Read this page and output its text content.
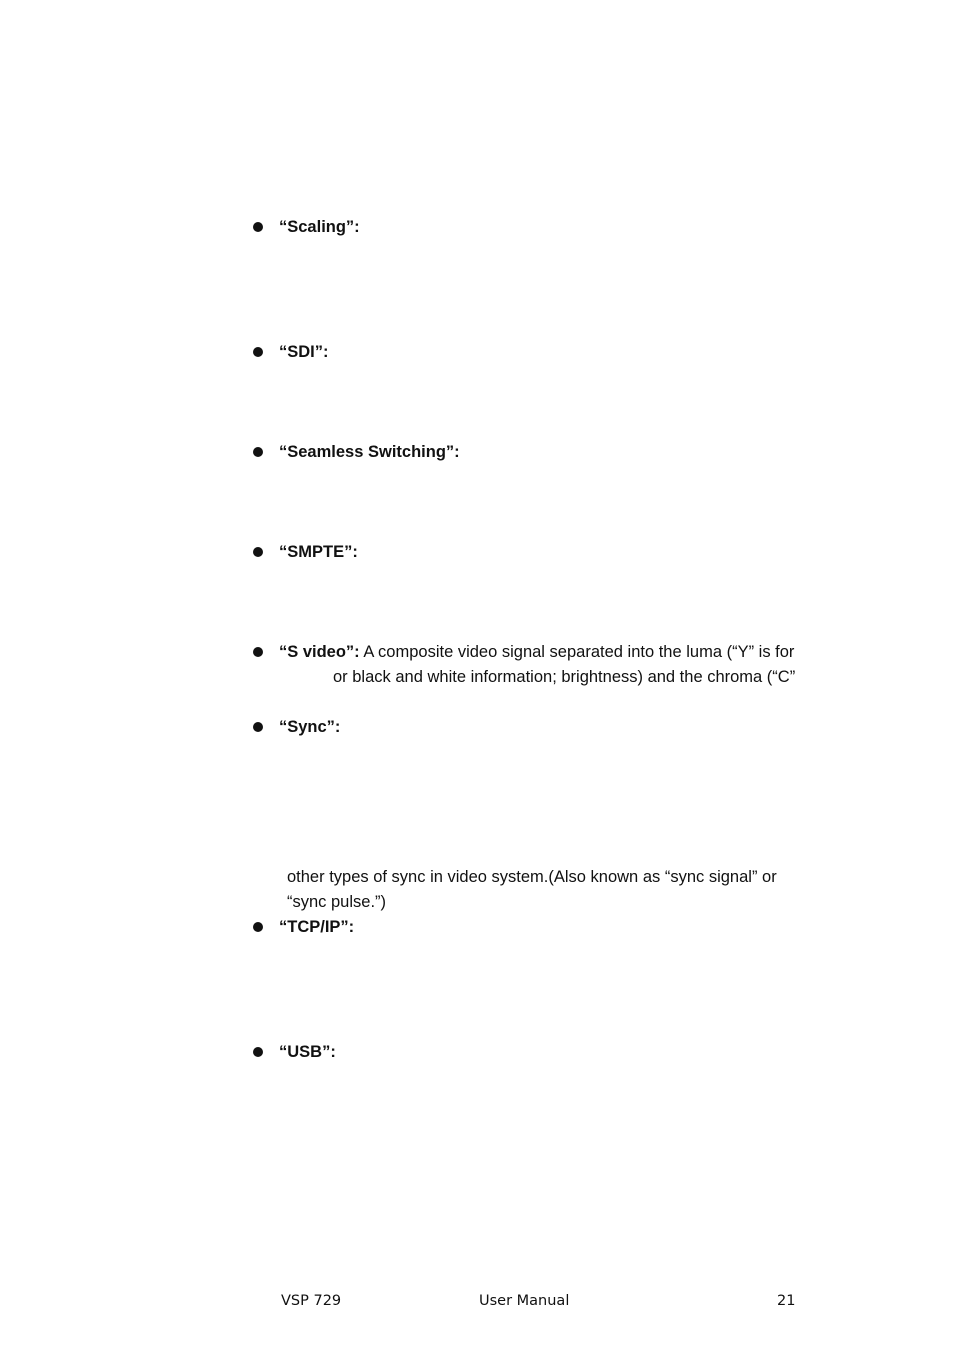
“Scaling”:
“SDI”:
“Seamless Switching”:
“SMPTE”:
“S video”: A composite video signal separated into the luma (“Y” is for
or black and white information; brightness) and the chroma (“C”
“Sync”:
other types of sync in video system.(Also known as “sync signal” or
“sync pulse.”)
“TCP/IP”:
“USB”:
VSP 729	User Manual	21
